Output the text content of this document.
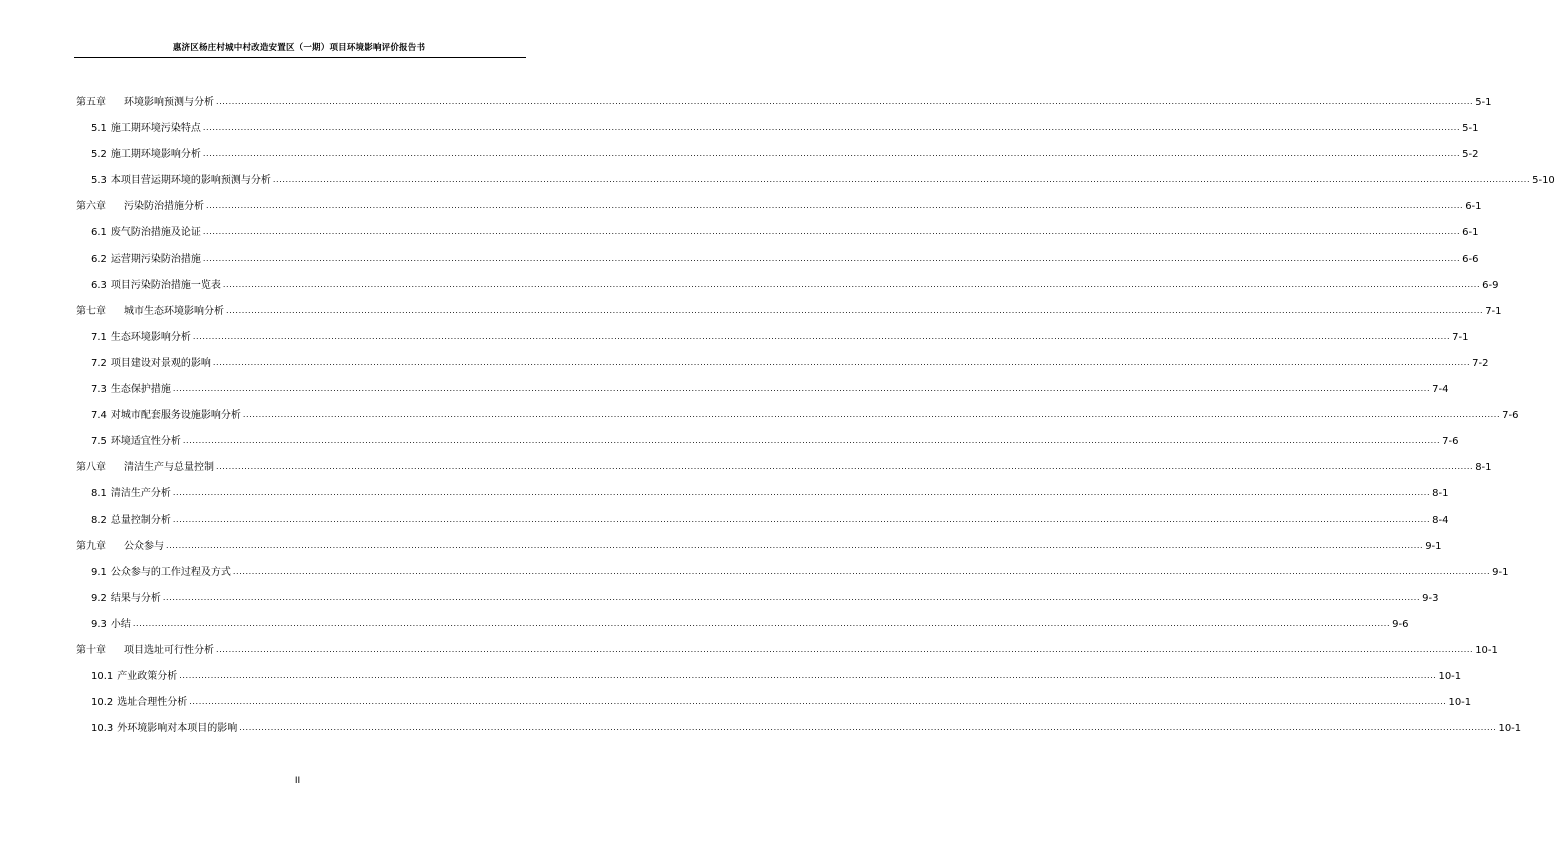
惠济区杨庄村城中村改造安置区（一期）项目环境影响评价报告书
第五章 环境影响预测与分析 ................................................................................................................................................................................................................................................................................................................................................................................................................ 5-1
5.1 施工期环境污染特点 ................................................................................................................................................................................................................................................................................................................................................................................................................ 5-1
5.2 施工期环境影响分析 ................................................................................................................................................................................................................................................................................................................................................................................................................ 5-2
5.3 本项目营运期环境的影响预测与分析 ................................................................................................................................................................................................................................................................................................................................................................................................................ 5-10
第六章 污染防治措施分析 ................................................................................................................................................................................................................................................................................................................................................................................................................ 6-1
6.1 废气防治措施及论证 ................................................................................................................................................................................................................................................................................................................................................................................................................ 6-1
6.2 运营期污染防治措施 ................................................................................................................................................................................................................................................................................................................................................................................................................ 6-6
6.3 项目污染防治措施一览表 ................................................................................................................................................................................................................................................................................................................................................................................................................ 6-9
第七章 城市生态环境影响分析 ................................................................................................................................................................................................................................................................................................................................................................................................................ 7-1
7.1 生态环境影响分析 ................................................................................................................................................................................................................................................................................................................................................................................................................ 7-1
7.2 项目建设对景观的影响 ................................................................................................................................................................................................................................................................................................................................................................................................................ 7-2
7.3 生态保护措施 ................................................................................................................................................................................................................................................................................................................................................................................................................ 7-4
7.4 对城市配套服务设施影响分析 ................................................................................................................................................................................................................................................................................................................................................................................................................ 7-6
7.5 环境适宜性分析 ................................................................................................................................................................................................................................................................................................................................................................................................................ 7-6
第八章 清洁生产与总量控制 ................................................................................................................................................................................................................................................................................................................................................................................................................ 8-1
8.1 清洁生产分析 ................................................................................................................................................................................................................................................................................................................................................................................................................ 8-1
8.2 总量控制分析 ................................................................................................................................................................................................................................................................................................................................................................................................................ 8-4
第九章 公众参与 ................................................................................................................................................................................................................................................................................................................................................................................................................ 9-1
9.1 公众参与的工作过程及方式 ................................................................................................................................................................................................................................................................................................................................................................................................................ 9-1
9.2 结果与分析 ................................................................................................................................................................................................................................................................................................................................................................................................................ 9-3
9.3 小结 ................................................................................................................................................................................................................................................................................................................................................................................................................ 9-6
第十章 项目选址可行性分析 ................................................................................................................................................................................................................................................................................................................................................................................................................ 10-1
10.1 产业政策分析 ................................................................................................................................................................................................................................................................................................................................................................................................................ 10-1
10.2 选址合理性分析 ................................................................................................................................................................................................................................................................................................................................................................................................................ 10-1
10.3 外环境影响对本项目的影响 ................................................................................................................................................................................................................................................................................................................................................................................................................ 10-1
II
